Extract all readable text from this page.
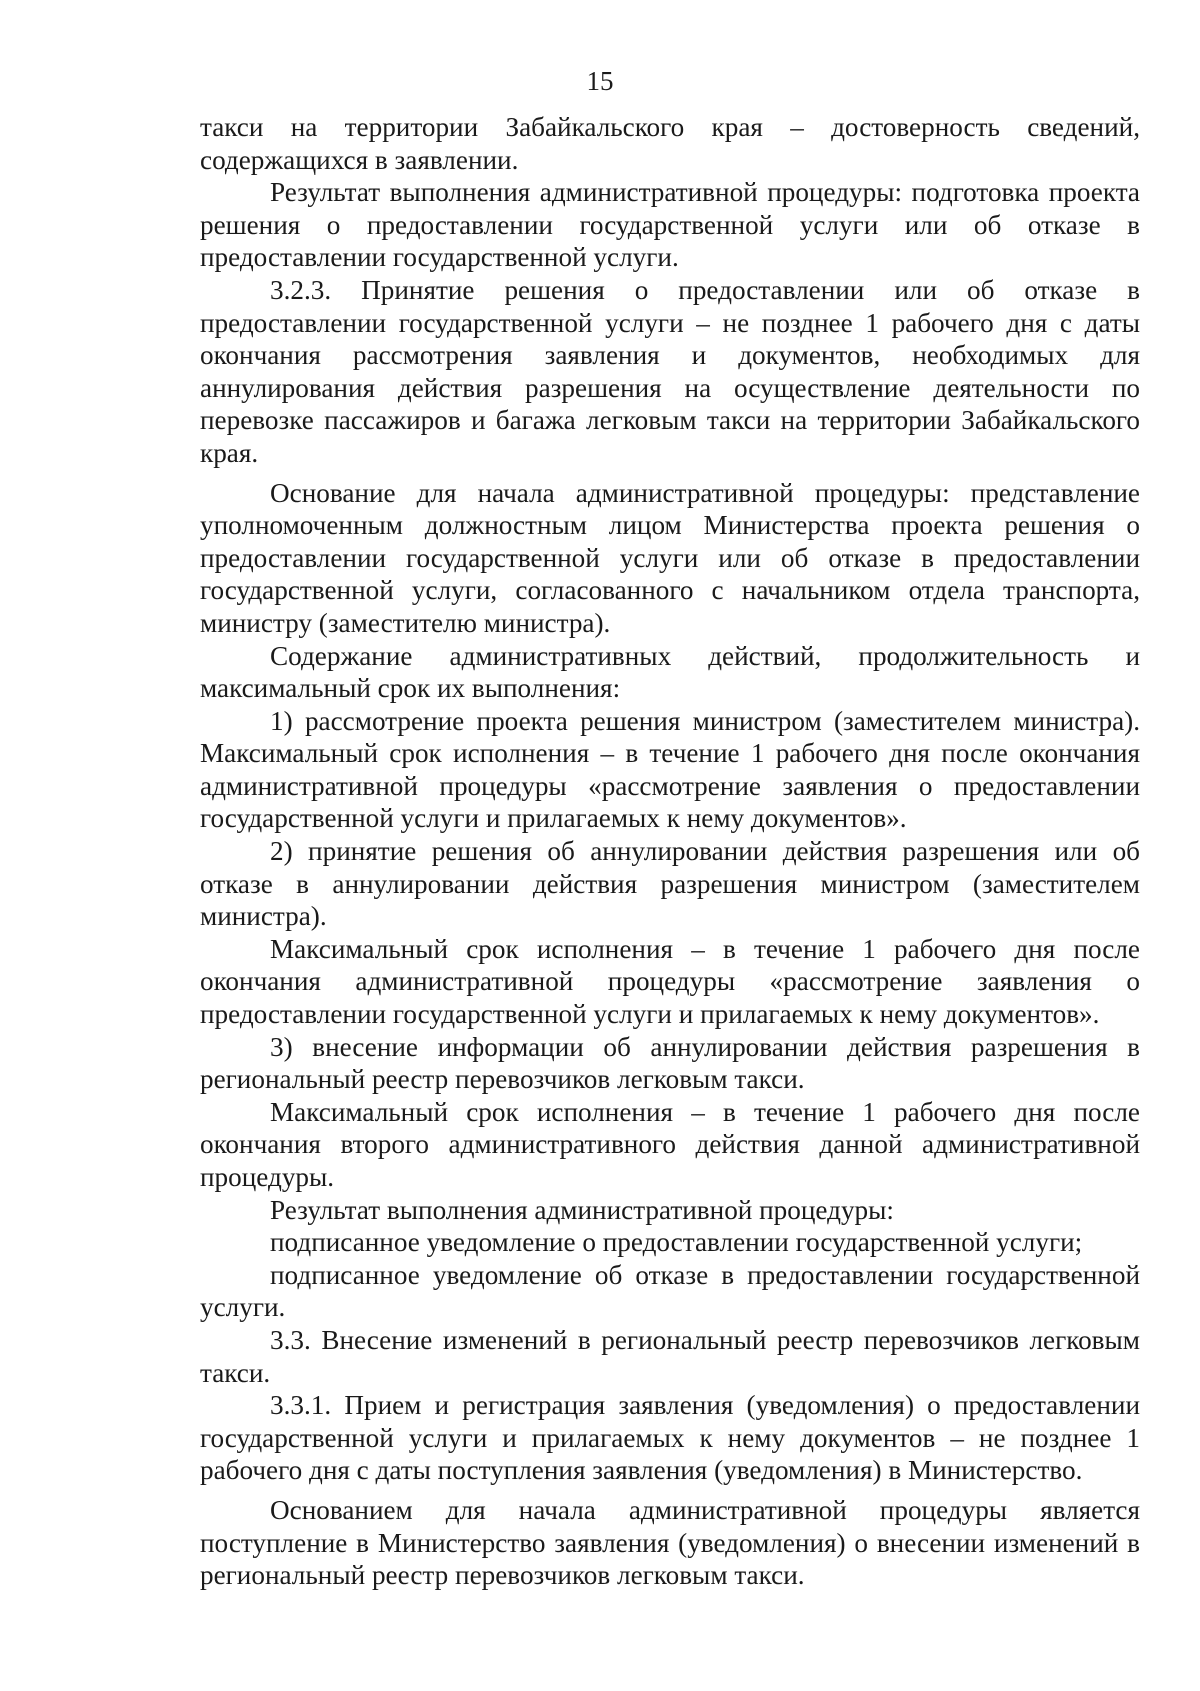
15

такси на территории Забайкальского края – достоверность сведений, содержащихся в заявлении.

Результат выполнения административной процедуры: подготовка проекта решения о предоставлении государственной услуги или об отказе в предоставлении государственной услуги.

3.2.3. Принятие решения о предоставлении или об отказе в предоставлении государственной услуги – не позднее 1 рабочего дня с даты окончания рассмотрения заявления и документов, необходимых для аннулирования действия разрешения на осуществление деятельности по перевозке пассажиров и багажа легковым такси на территории Забайкальского края.

Основание для начала административной процедуры: представление уполномоченным должностным лицом Министерства проекта решения о предоставлении государственной услуги или об отказе в предоставлении государственной услуги, согласованного с начальником отдела транспорта, министру (заместителю министра).

Содержание административных действий, продолжительность и максимальный срок их выполнения:

1) рассмотрение проекта решения министром (заместителем министра). Максимальный срок исполнения – в течение 1 рабочего дня после окончания административной процедуры «рассмотрение заявления о предоставлении государственной услуги и прилагаемых к нему документов».

2) принятие решения об аннулировании действия разрешения или об отказе в аннулировании действия разрешения министром (заместителем министра).

Максимальный срок исполнения – в течение 1 рабочего дня после окончания административной процедуры «рассмотрение заявления о предоставлении государственной услуги и прилагаемых к нему документов».

3) внесение информации об аннулировании действия разрешения в региональный реестр перевозчиков легковым такси.

Максимальный срок исполнения – в течение 1 рабочего дня после окончания второго административного действия данной административной процедуры.

Результат выполнения административной процедуры:

подписанное уведомление о предоставлении государственной услуги;

подписанное уведомление об отказе в предоставлении государственной услуги.

3.3. Внесение изменений в региональный реестр перевозчиков легковым такси.

3.3.1. Прием и регистрация заявления (уведомления) о предоставлении государственной услуги и прилагаемых к нему документов – не позднее 1 рабочего дня с даты поступления заявления (уведомления) в Министерство.

Основанием для начала административной процедуры является поступление в Министерство заявления (уведомления) о внесении изменений в региональный реестр перевозчиков легковым такси.
